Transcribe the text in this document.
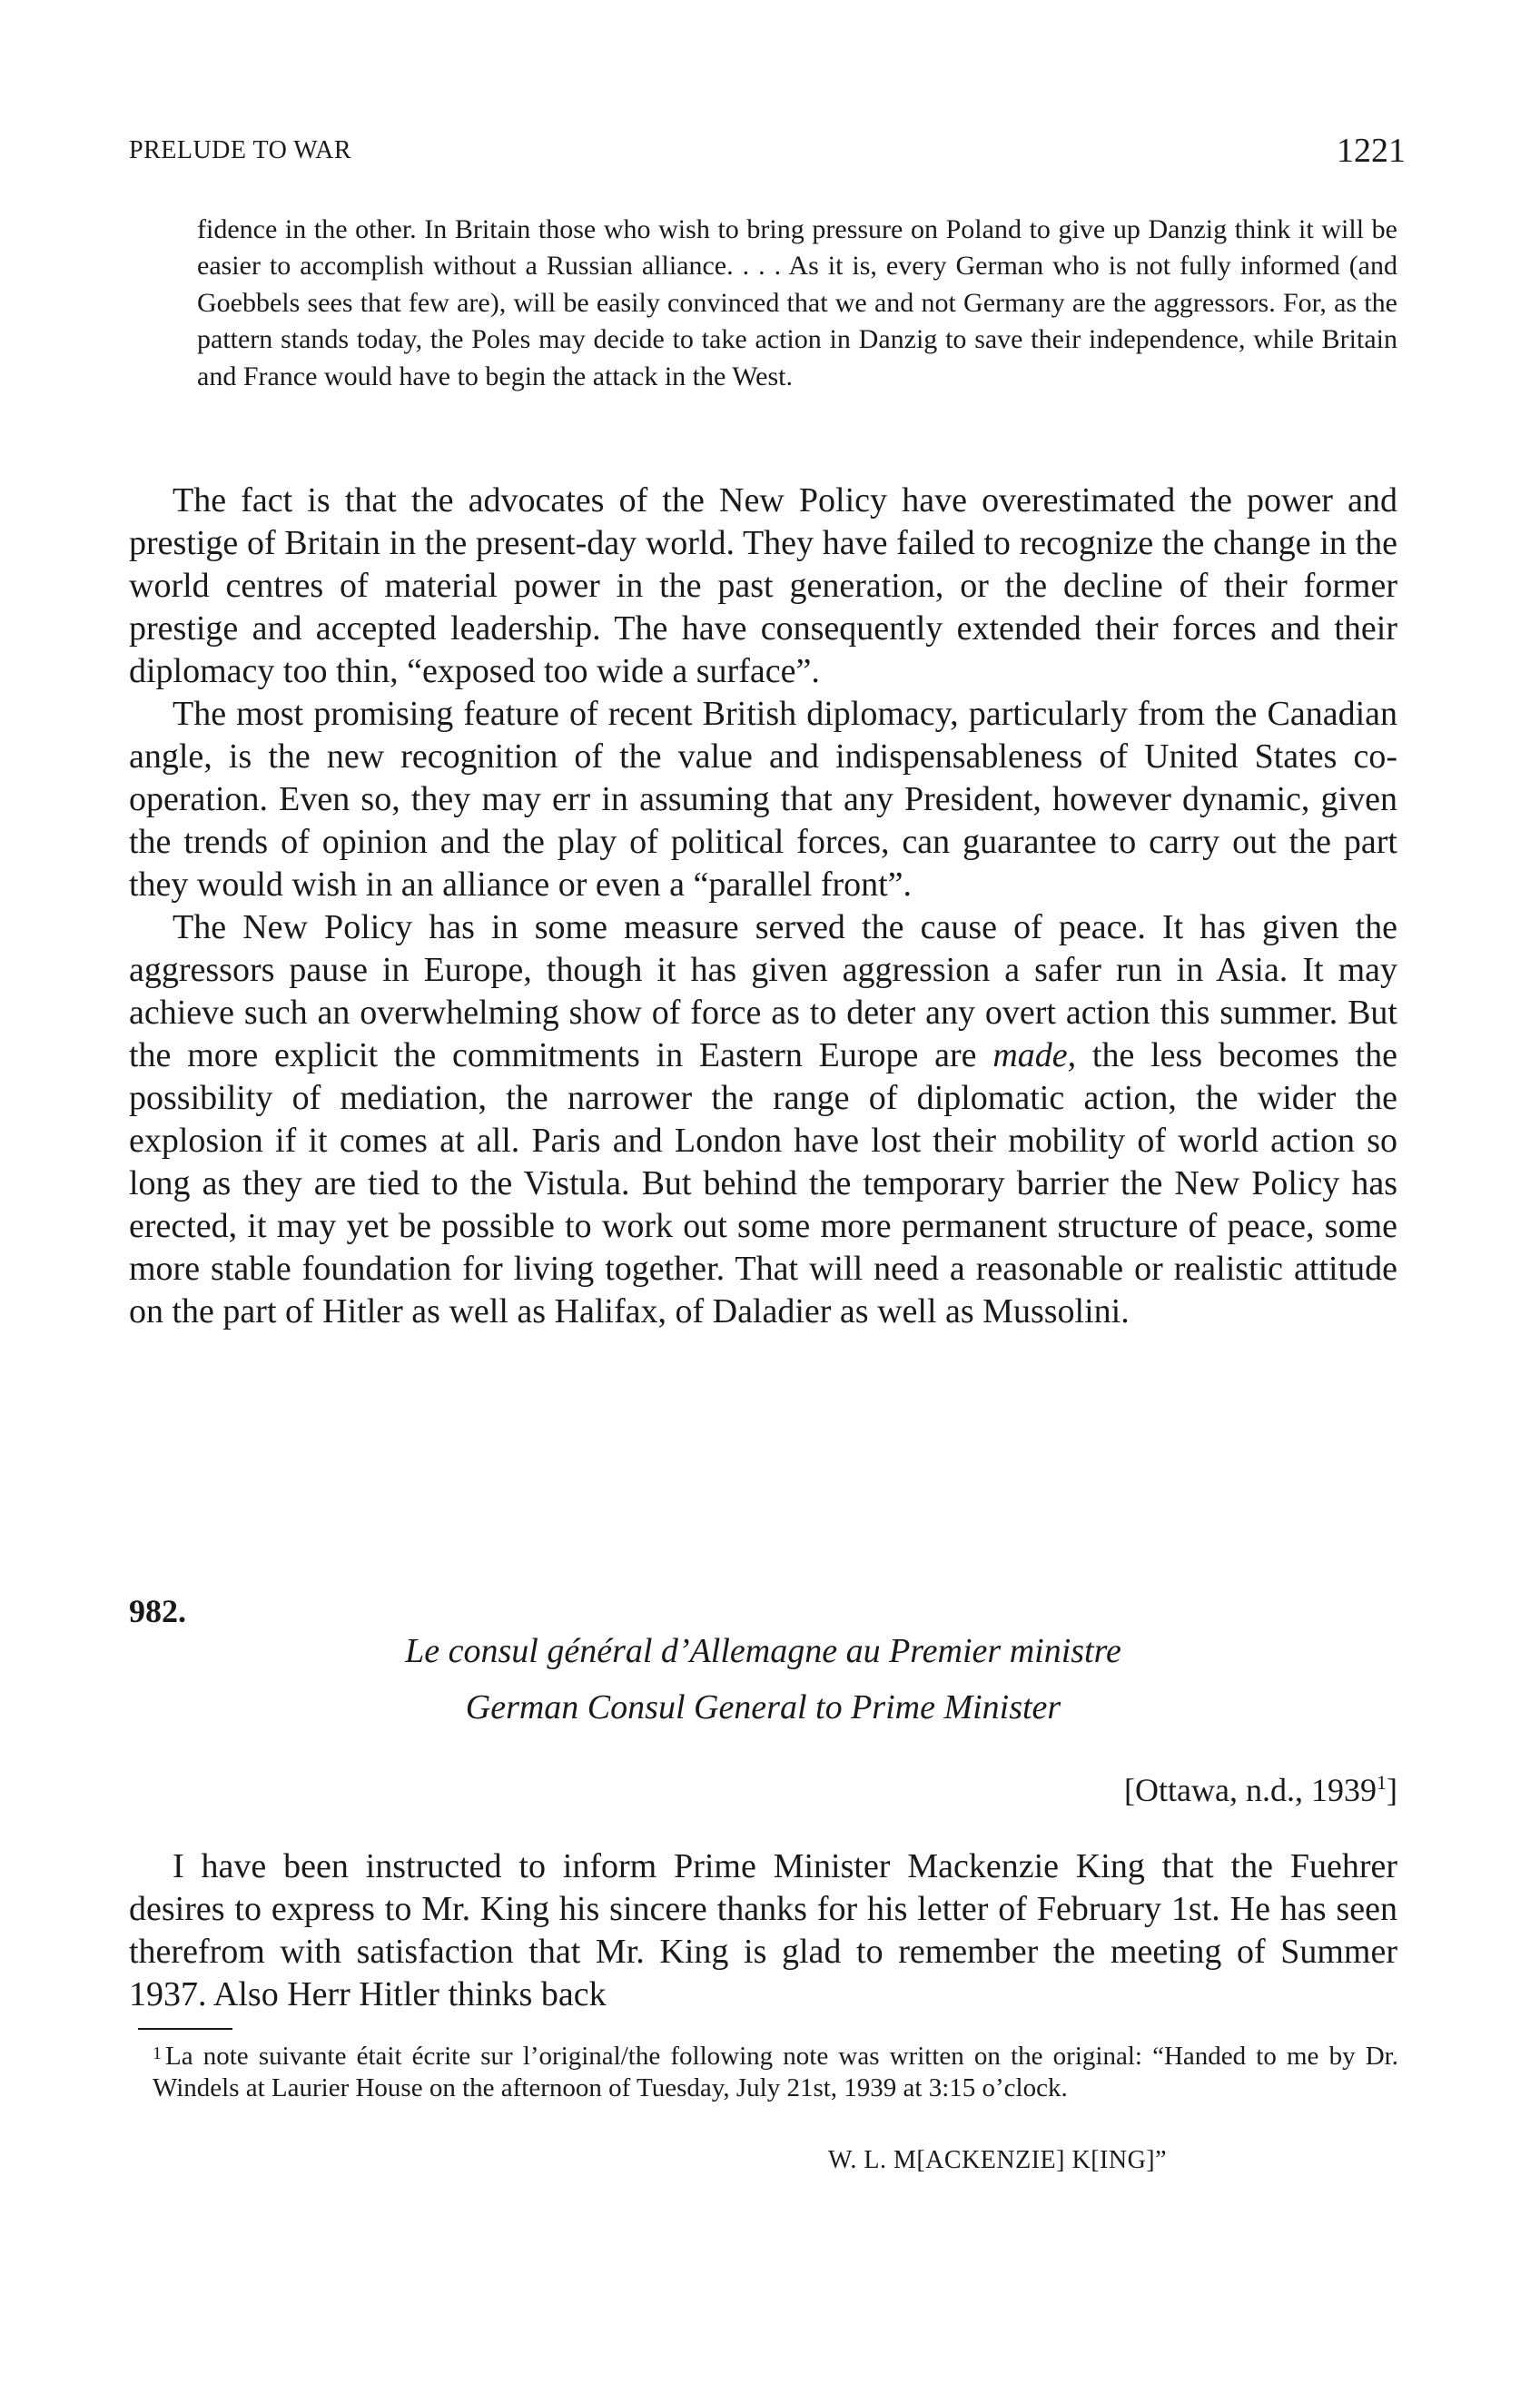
PRELUDE TO WAR	1221

fidence in the other. In Britain those who wish to bring pressure on Poland to give up Danzig think it will be easier to accomplish without a Russian alliance. . . . As it is, every German who is not fully informed (and Goebbels sees that few are), will be easily convinced that we and not Germany are the aggressors. For, as the pattern stands today, the Poles may decide to take action in Danzig to save their independence, while Britain and France would have to begin the attack in the West.

The fact is that the advocates of the New Policy have overestimated the power and prestige of Britain in the present-day world. They have failed to recognize the change in the world centres of material power in the past generation, or the decline of their former prestige and accepted leadership. The have consequently extended their forces and their diplomacy too thin, “exposed too wide a surface”.

The most promising feature of recent British diplomacy, particularly from the Canadian angle, is the new recognition of the value and indispensableness of United States co-operation. Even so, they may err in assuming that any President, however dynamic, given the trends of opinion and the play of political forces, can guarantee to carry out the part they would wish in an alliance or even a “parallel front”.

The New Policy has in some measure served the cause of peace. It has given the aggressors pause in Europe, though it has given aggression a safer run in Asia. It may achieve such an overwhelming show of force as to deter any overt action this summer. But the more explicit the commitments in Eastern Europe are made, the less becomes the possibility of mediation, the narrower the range of diplomatic action, the wider the explosion if it comes at all. Paris and London have lost their mobility of world action so long as they are tied to the Vistula. But behind the temporary barrier the New Policy has erected, it may yet be possible to work out some more permanent structure of peace, some more stable foundation for living together. That will need a reasonable or realistic attitude on the part of Hitler as well as Halifax, of Daladier as well as Mussolini.

982.
Le consul général d’Allemagne au Premier ministre
German Consul General to Prime Minister
[Ottawa, n.d., 1939$^1$]

I have been instructed to inform Prime Minister Mackenzie King that the Fuehrer desires to express to Mr. King his sincere thanks for his letter of February 1st. He has seen therefrom with satisfaction that Mr. King is glad to remember the meeting of Summer 1937. Also Herr Hitler thinks back

$^1$ La note suivante était écrite sur l’original/the following note was written on the original: “Handed to me by Dr. Windels at Laurier House on the afternoon of Tuesday, July 21st, 1939 at 3:15 o’clock.

W. L. M[ACKENZIE] K[ING]”
